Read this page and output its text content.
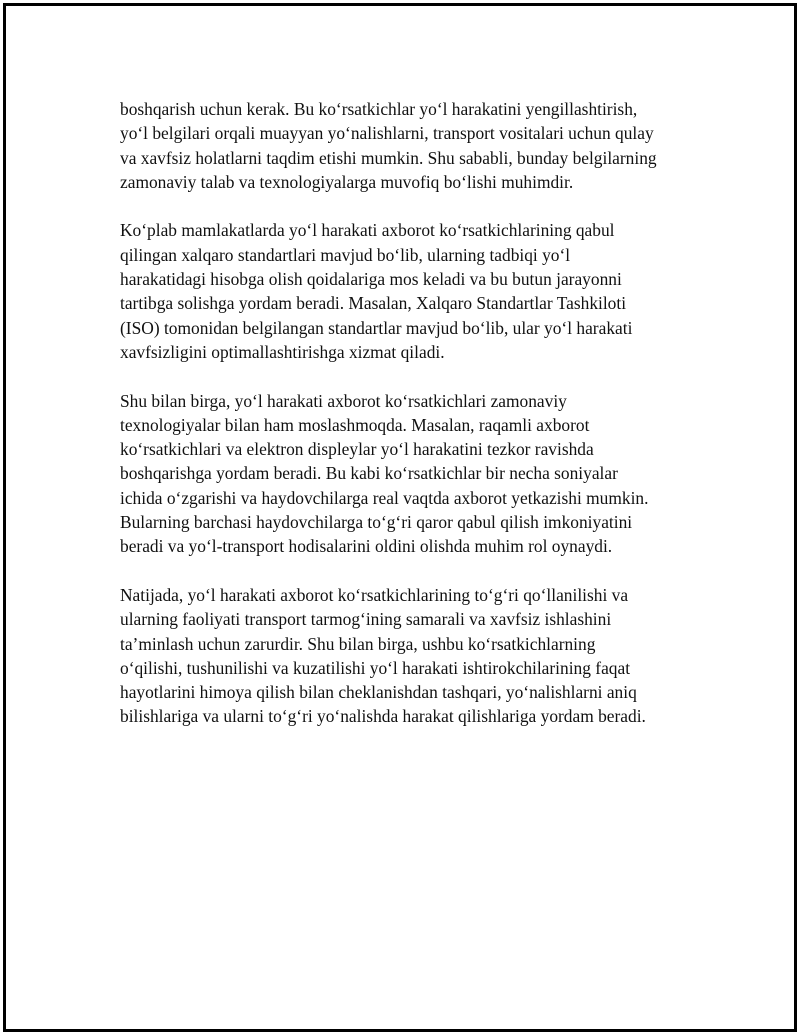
boshqarish uchun kerak. Bu koʻrsatkichlar yoʻl harakatini yengillashtirish,
yoʻl belgilari orqali muayyan yoʻnalishlarni, transport vositalari uchun qulay
va xavfsiz holatlarni taqdim etishi mumkin. Shu sababli, bunday belgilarning
zamonaviy talab va texnologiyalarga muvofiq boʻlishi muhimdir.

Koʻplab mamlakatlarda yoʻl harakati axborot koʻrsatkichlarining qabul
qilingan xalqaro standartlari mavjud boʻlib, ularning tadbiqi yoʻl
harakatidagi hisobga olish qoidalariga mos keladi va bu butun jarayonni
tartibga solishga yordam beradi. Masalan, Xalqaro Standartlar Tashkiloti
(ISO) tomonidan belgilangan standartlar mavjud boʻlib, ular yoʻl harakati
xavfsizligini optimallashtirishga xizmat qiladi.

Shu bilan birga, yoʻl harakati axborot koʻrsatkichlari zamonaviy
texnologiyalar bilan ham moslashmoqda. Masalan, raqamli axborot
koʻrsatkichlari va elektron displeylar yoʻl harakatini tezkor ravishda
boshqarishga yordam beradi. Bu kabi koʻrsatkichlar bir necha soniyalar
ichida oʻzgarishi va haydovchilarga real vaqtda axborot yetkazishi mumkin.
Bularning barchasi haydovchilarga toʻgʻri qaror qabul qilish imkoniyatini
beradi va yoʻl-transport hodisalarini oldini olishda muhim rol oynaydi.

Natijada, yoʻl harakati axborot koʻrsatkichlarining toʻgʻri qoʻllanilishi va
ularning faoliyati transport tarmogʻining samarali va xavfsiz ishlashini
taʼminlash uchun zarurdir. Shu bilan birga, ushbu koʻrsatkichlarning
oʻqilishi, tushunilishi va kuzatilishi yoʻl harakati ishtirokchilarining faqat
hayotlarini himoya qilish bilan cheklanishdan tashqari, yoʻnalishlarni aniq
bilishlariga va ularni toʻgʻri yoʻnalishda harakat qilishlariga yordam beradi.
